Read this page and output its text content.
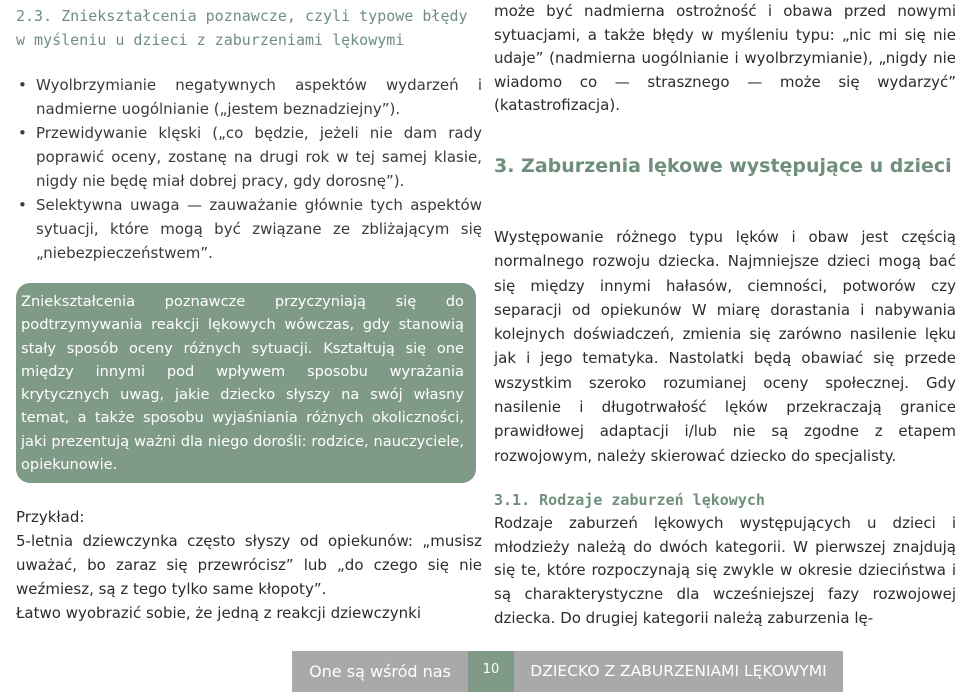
2.3. Zniekształcenia poznawcze, czyli typowe błędy w myśleniu u dzieci z zaburzeniami lękowymi
• Wyolbrzymianie negatywnych aspektów wydarzeń i nadmierne uogólnianie („jestem beznadziejny”).
• Przewidywanie klęski („co będzie, jeżeli nie dam rady poprawić oceny, zostanę na drugi rok w tej samej klasie, nigdy nie będę miał dobrej pracy, gdy dorosnę”).
• Selektywna uwaga — zauważanie głównie tych aspektów sytuacji, które mogą być związane ze zbliżającym się „niebezpieczeństwem”.

Zniekształcenia poznawcze przyczyniają się do podtrzymywania reakcji lękowych wówczas, gdy stanowią stały sposób oceny różnych sytuacji. Kształtują się one między innymi pod wpływem sposobu wyrażania krytycznych uwag, jakie dziecko słyszy na swój własny temat, a także sposobu wyjaśniania różnych okoliczności, jaki prezentują ważni dla niego dorośli: rodzice, nauczyciele, opiekunowie.

Przykład:

5-letnia dziewczynka często słyszy od opiekunów: „musisz uważać, bo zaraz się przewrócisz” lub „do czego się nie weźmiesz, są z tego tylko same kłopoty”.

Łatwo wyobrazić sobie, że jedną z reakcji dziewczynki

może być nadmierna ostrożność i obawa przed nowymi sytuacjami, a także błędy w myśleniu typu: „nic mi się nie udaje” (nadmierna uogólnianie i wyolbrzymianie), „nigdy nie wiadomo co — strasznego — może się wydarzyć” (katastrofizacja).

3. Zaburzenia lękowe występujące u dzieci

Występowanie różnego typu lęków i obaw jest częścią normalnego rozwoju dziecka. Najmniejsze dzieci mogą bać się między innymi hałasów, ciemności, potworów czy separacji od opiekunów W miarę dorastania i nabywania kolejnych doświadczeń, zmienia się zarówno nasilenie lęku jak i jego tematyka. Nastolatki będą obawiać się przede wszystkim szeroko rozumianej oceny społecznej. Gdy nasilenie i długotrwałość lęków przekraczają granice prawidłowej adaptacji i/lub nie są zgodne z etapem rozwojowym, należy skierować dziecko do specjalisty.

3.1. Rodzaje zaburzeń lękowych

Rodzaje zaburzeń lękowych występujących u dzieci i młodzieży należą do dwóch kategorii. W pierwszej znajdują się te, które rozpoczynają się zwykle w okresie dzieciństwa i są charakterystyczne dla wcześniejszej fazy rozwojowej dziecka. Do drugiej kategorii należą zaburzenia lę-

One są wśród nas	10	DZIECKO Z ZABURZENIAMI LĘKOWYMI
